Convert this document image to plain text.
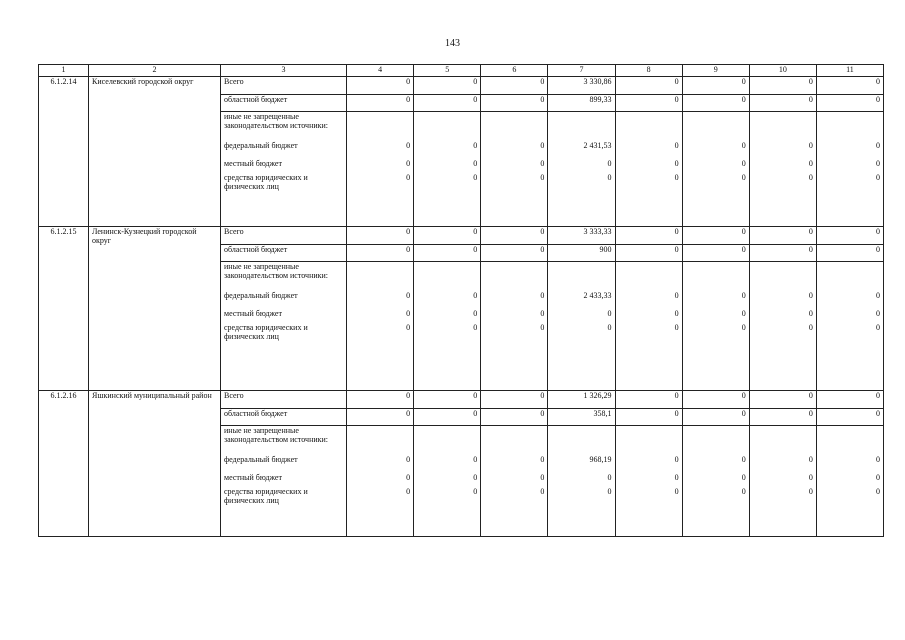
143
1	2	3	4	5	6	7	8	9	10	11
6.1.2.14	Киселевский городской округ	Всего	0	0	0	3 330,86	0	0	0	0
		областной бюджет	0	0	0	899,33	0	0	0	0
		иные не запрещенные законодательством источники:								
		федеральный бюджет	0	0	0	2 431,53	0	0	0	0
		местный бюджет	0	0	0	0	0	0	0	0
		средства юридических и физических лиц	0	0	0	0	0	0	0	0
6.1.2.15	Ленинск-Кузнецкий городской округ	Всего	0	0	0	3 333,33	0	0	0	0
		областной бюджет	0	0	0	900	0	0	0	0
		иные не запрещенные законодательством источники:								
		федеральный бюджет	0	0	0	2 433,33	0	0	0	0
		местный бюджет	0	0	0	0	0	0	0	0
		средства юридических и физических лиц	0	0	0	0	0	0	0	0
6.1.2.16	Яшкинский муниципальный район	Всего	0	0	0	1 326,29	0	0	0	0
		областной бюджет	0	0	0	358,1	0	0	0	0
		иные не запрещенные законодательством источники:								
		федеральный бюджет	0	0	0	968,19	0	0	0	0
		местный бюджет	0	0	0	0	0	0	0	0
		средства юридических и физических лиц	0	0	0	0	0	0	0	0
